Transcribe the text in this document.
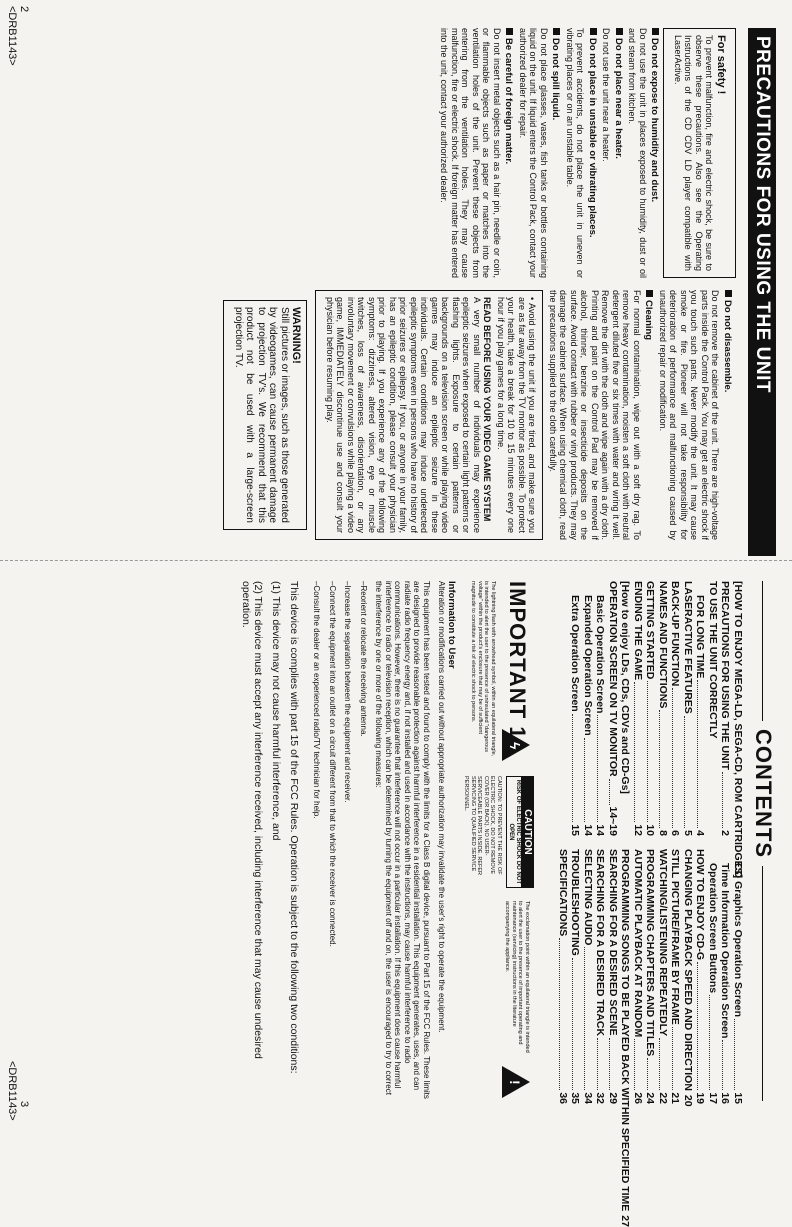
PRECAUTIONS FOR USING THE UNIT
For safety !

To prevent malfunction, fire and electric shock, be sure to observe these precautions. Also see the Operating Instructions of the CD CDV LD player compatible with LaserActive.

Do not expose to humidity and dust.

Do not use the unit in places exposed to humidity, dust or oil and steam from kitchen.

Do not place near a heater.

Do not use the unit near a heater.

Do not place in unstable or vibrating places.

To prevent accidents, do not place the unit in uneven or vibrating places or on an unstable table.

Do not spill liquid.

Do not place glasses, vases, fish tanks or bottles containing liquid on the unit. If liquid enters the Control Pack, contact your authorized dealer for repair.

Be careful of foreign matter.

Do not insert metal objects such as a hair pin, needle or coin, or flammable objects such as paper or matches into the ventilation holes of the unit. Prevent these objects from entering from the ventilation holes. They may cause malfunction, fire or electric shock. If foreign matter has entered into the unit, contact your authorized dealer.

Do not disassemble.

Do not remove the cabinet of the unit. There are high-voltage parts inside the Control Pack. You may get an electric shock if you touch such parts. Never modify the unit. It may cause smoke or fire. Pioneer will not take responsibility for deterioration of performance and malfunctioning caused by unauthorized repair or modification.

Cleaning

For normal contamination, wipe out with a soft dry rag. To remove heavy contamination, moisten a soft cloth with neutral detergent diluted five or six times with water and wring it well. Remove the dirt with the cloth and wipe again with a dry cloth. Printing and paint on the Control Pad may be removed if alcohol, thinner, benzine or insecticide deposits on the surface. Avoid contact with rubber or vinyl products. They may damage the cabinet surface. When using chemical cloth, read the precautions supplied to the cloth carefully.

• Avoid using the unit if you are tired, and make sure you are as far away from the TV monitor as possible. To protect your health, take a break for 10 to 15 minutes every one hour if you play games for a long time.

READ BEFORE USING YOUR VIDEO GAME SYSTEM

A very small number of individuals may experience epileptic seizures when exposed to certain light patterns or flashing lights. Exposure to certain patterns or backgrounds on a television screen or while playing video games may induce an epileptic seizure in these individuals. Certain conditions may induce undetected epileptic symptoms even in persons who have no history of prior seizures or epilepsy. If you, or anyone in your family, has an epileptic condition, please consult your physician prior to playing. If you experience any of the following symptoms: dizziness, altered vision, eye or muscle twitches, loss of awareness, disorientation, or any involuntary movement or convulsions while playing a video game, IMMEDIATELY discontinue use and consult your physician before resuming play.

WARNING!

Still pictures or images, such as those generated by videogames, can cause permanent damage to projection TV's. We recommend that this product not be used with a large-screen projection TV.

2
<DRB1143>
CONTENTS
[HOW TO ENJOY MEGA-LD, SEGA-CD, ROM CARTRIDGES]
PRECAUTIONS FOR USING THE UNIT
2
TO USE THE UNIT CORRECTLY
FOR LONG TIME
4
LASERACTIVE FEATURES
5
BACK-UP FUNCTION
6
NAMES AND FUNCTIONS
8
GETTING STARTED
10
ENDING THE GAME
12
[How to enjoy LDs, CDs, CDVs and CD-Gs]
OPERATION SCREEN ON TV MONITOR
14~19
Basic Operation Screen
14
Expanded Operation Screen
14
Extra Operation Screen
15
CD Graphics Operation Screen
15
Time Information Operation Screen
16
Operation Screen Buttons
17
HOW TO ENJOY CD-G
19
CHANGING PLAYBACK SPEED AND DIRECTION
20
STILL PICTURE/FRAME BY FRAME
21
WATCHING/LISTENING REPEATEDLY
22
PROGRAMMING CHAPTERS AND TITLES
24
AUTOMATIC PLAYBACK AT RANDOM
26
PROGRAMMING SONGS TO BE PLAYED BACK WITHIN SPECIFIED TIME
27
SEARCHING FOR A DESIRED SCENE
29
SEARCHING FOR A DESIRED TRACK
32
SELECTING AUDIO
34
TROUBLESHOOTING
35
SPECIFICATIONS
36
IMPORTANT 1
ϟ
The lightning flash with arrowhead symbol, within an equilateral triangle, is intended to alert the user to the presence of uninsulated "dangerous voltage" within the product's enclosure that may be of sufficient magnitude to constitute a risk of electric shock to persons.
CAUTION
RISK OF ELECTRIC SHOCK DO NOT OPEN
CAUTION: TO PREVENT THE RISK OF ELECTRIC SHOCK, DO NOT REMOVE COVER (OR BACK). NO USER-SERVICEABLE PARTS INSIDE. REFER SERVICING TO QUALIFIED SERVICE PERSONNEL.
!
The exclamation point within an equilateral triangle is intended to alert the user to the presence of important operating and maintenance (servicing) instructions in the literature accompanying the appliance.
Information to User

Alteration or modifications carried out without appropriate authorization may invalidate the user's right to operate the equipment.

This equipment has been tested and found to comply with the limits for a Class B digital device, pursuant to Part 15 of the FCC Rules. These limits are designed to provide reasonable protection against harmful interference in a residential installation. This equipment generates, uses, and can radiate radio frequency energy and, if not installed and used in accordance with the instructions, may cause harmful interference to radio communications. However, there is no guarantee that interference will not occur in a particular installation. If this equipment does cause harmful interference to radio or television reception, which can be determined by turning the equipment off and on, the user is encouraged to try to correct the interference by one or more of the following measures:

–Reorient or relocate the receiving antenna.

–Increase the separation between the equipment and receiver.

–Connect the equipment into an outlet on a circuit different from that to which the receiver is connected.

–Consult the dealer or an experienced radio/TV technician for help.

This device is complies with part 15 of the FCC Rules. Operation is subject to the following two conditions:

(1) This device may not cause harmful interference, and

(2) This device must accept any interference received, including interference that may cause undesired operation.

3
<DRB1143>
